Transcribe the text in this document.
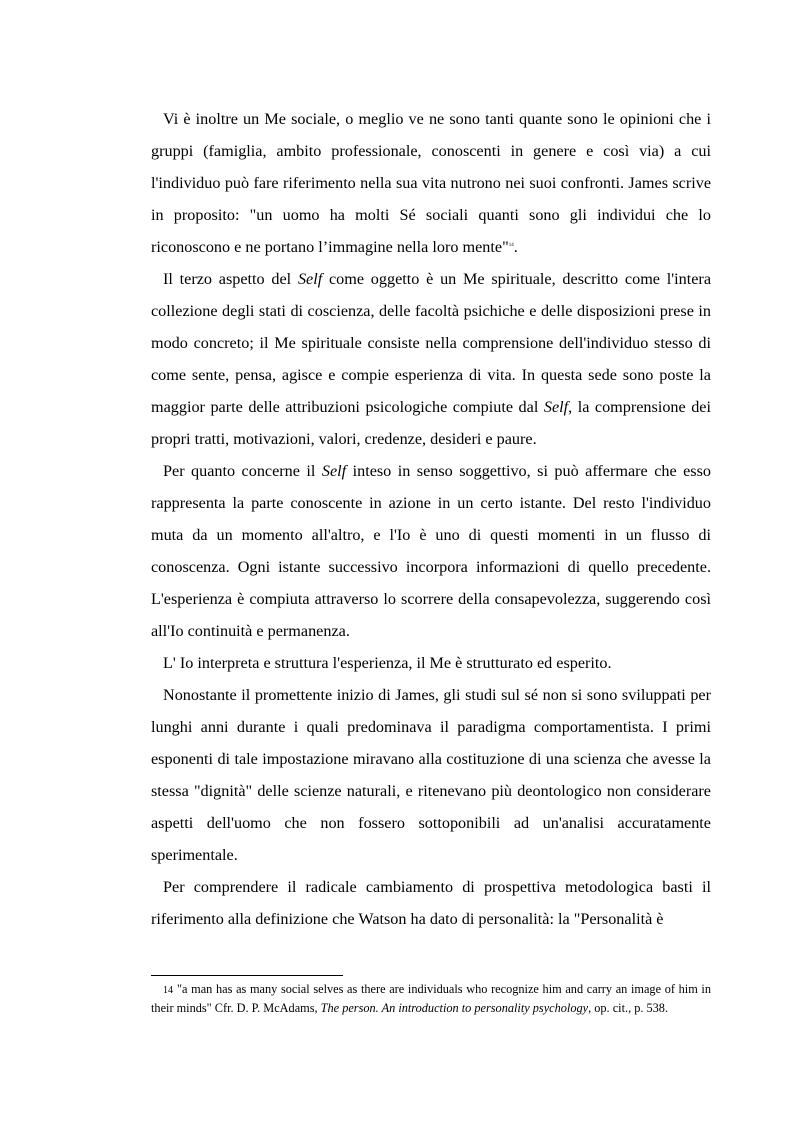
Vi è inoltre un Me sociale, o meglio ve ne sono tanti quante sono le opinioni che i gruppi (famiglia, ambito professionale, conoscenti in genere e così via) a cui l'individuo può fare riferimento nella sua vita nutrono nei suoi confronti. James scrive in proposito: "un uomo ha molti Sé sociali quanti sono gli individui che lo riconoscono e ne portano l’immagine nella loro mente"$^{14}$.

Il terzo aspetto del Self come oggetto è un Me spirituale, descritto come l'intera collezione degli stati di coscienza, delle facoltà psichiche e delle disposizioni prese in modo concreto; il Me spirituale consiste nella comprensione dell'individuo stesso di come sente, pensa, agisce e compie esperienza di vita. In questa sede sono poste la maggior parte delle attribuzioni psicologiche compiute dal Self, la comprensione dei propri tratti, motivazioni, valori, credenze, desideri e paure.

Per quanto concerne il Self inteso in senso soggettivo, si può affermare che esso rappresenta la parte conoscente in azione in un certo istante. Del resto l'individuo muta da un momento all'altro, e l'Io è uno di questi momenti in un flusso di conoscenza. Ogni istante successivo incorpora informazioni di quello precedente. L'esperienza è compiuta attraverso lo scorrere della consapevolezza, suggerendo così all'Io continuità e permanenza.

L' Io interpreta e struttura l'esperienza, il Me è strutturato ed esperito.

Nonostante il promettente inizio di James, gli studi sul sé non si sono sviluppati per lunghi anni durante i quali predominava il paradigma comportamentista. I primi esponenti di tale impostazione miravano alla costituzione di una scienza che avesse la stessa "dignità" delle scienze naturali, e ritenevano più deontologico non considerare aspetti dell'uomo che non fossero sottoponibili ad un'analisi accuratamente sperimentale.

Per comprendere il radicale cambiamento di prospettiva metodologica basti il riferimento alla definizione che Watson ha dato di personalità: la "Personalità è

14 "a man has as many social selves as there are individuals who recognize him and carry an image of him in their minds" Cfr. D. P. McAdams, The person. An introduction to personality psychology, op. cit., p. 538.
